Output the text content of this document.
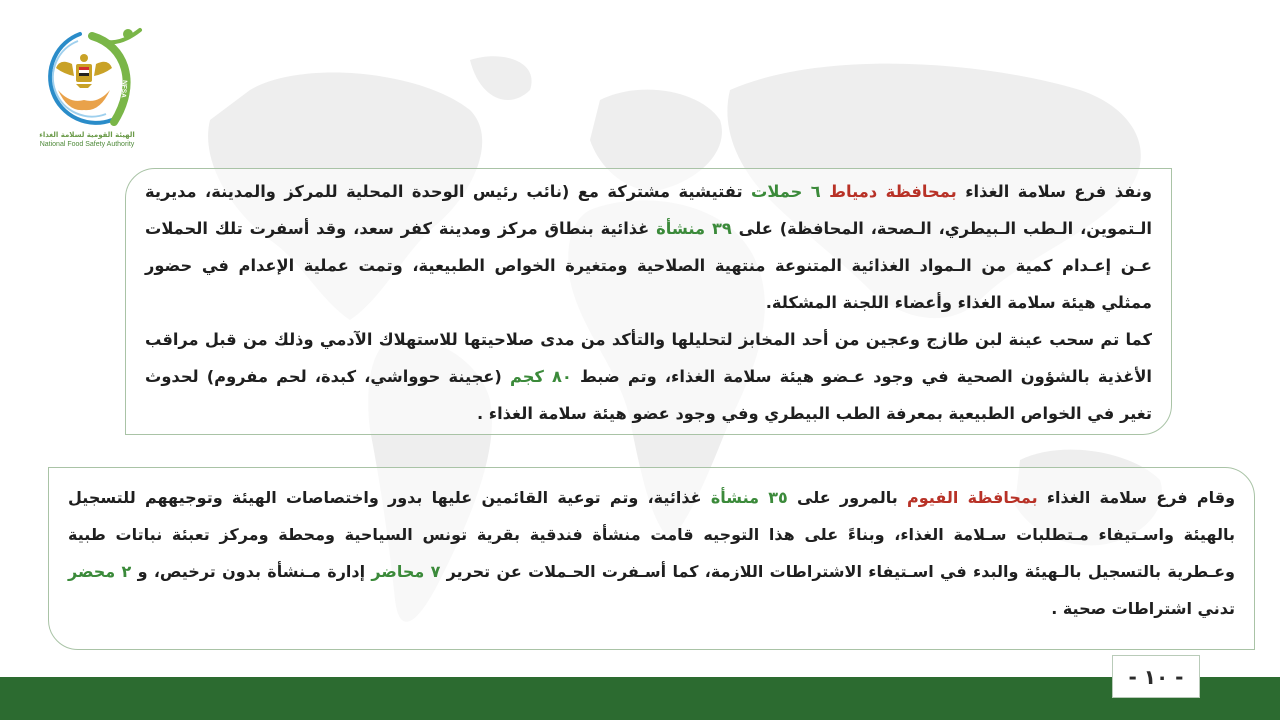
NFSA
الهيئة القومية لسلامة الغذاء
National Food Safety Authority
ونفذ فرع سلامة الغذاء بمحافظة دمياط ٦ حملات تفتيشية مشتركة مع (نائب رئيس الوحدة المحلية للمركز والمدينة، مديرية
الـتموين، الـطب الـبيطري، الـصحة، المحافظة) على ٣٩ منشأة غذائية بنطاق مركز ومدينة كفر سعد، وقد أسفرت تلك الحملات
عـن إعـدام كمية من الـمواد الغذائية المتنوعة منتهية الصلاحية ومتغيرة الخواص الطبيعية، وتمت عملية الإعدام في حضور
ممثلي هيئة سلامة الغذاء وأعضاء اللجنة المشكلة.
كما تم سحب عينة لبن طازج وعجين من أحد المخابز لتحليلها والتأكد من مدى صلاحيتها للاستهلاك الآدمي وذلك من قبل مراقب
الأغذية بالشؤون الصحية في وجود عـضو هيئة سلامة الغذاء، وتم ضبط ٨٠ كجم (عجينة حوواشي، كبدة، لحم مفروم) لحدوث
تغير في الخواص الطبيعية بمعرفة الطب البيطري وفي وجود عضو هيئة سلامة الغذاء .
وقام فرع سلامة الغذاء بمحافظة الفيوم بالمرور على ٣٥ منشأة غذائية، وتم توعية القائمين عليها بدور واختصاصات الهيئة وتوجيههم للتسجيل
بالهيئة واسـتيفاء مـتطلبات سـلامة الغذاء، وبناءً على هذا التوجيه قامت منشأة فندقية بقرية تونس السياحية ومحطة ومركز تعبئة نباتات طبية
وعـطرية بالتسجيل بالـهيئة والبدء في اسـتيفاء الاشتراطات اللازمة، كما أسـفرت الحـملات عن تحرير ٧ محاضر إدارة مـنشأة بدون ترخيص، و ٢ محضر
تدني اشتراطات صحية .
- ١٠ -
